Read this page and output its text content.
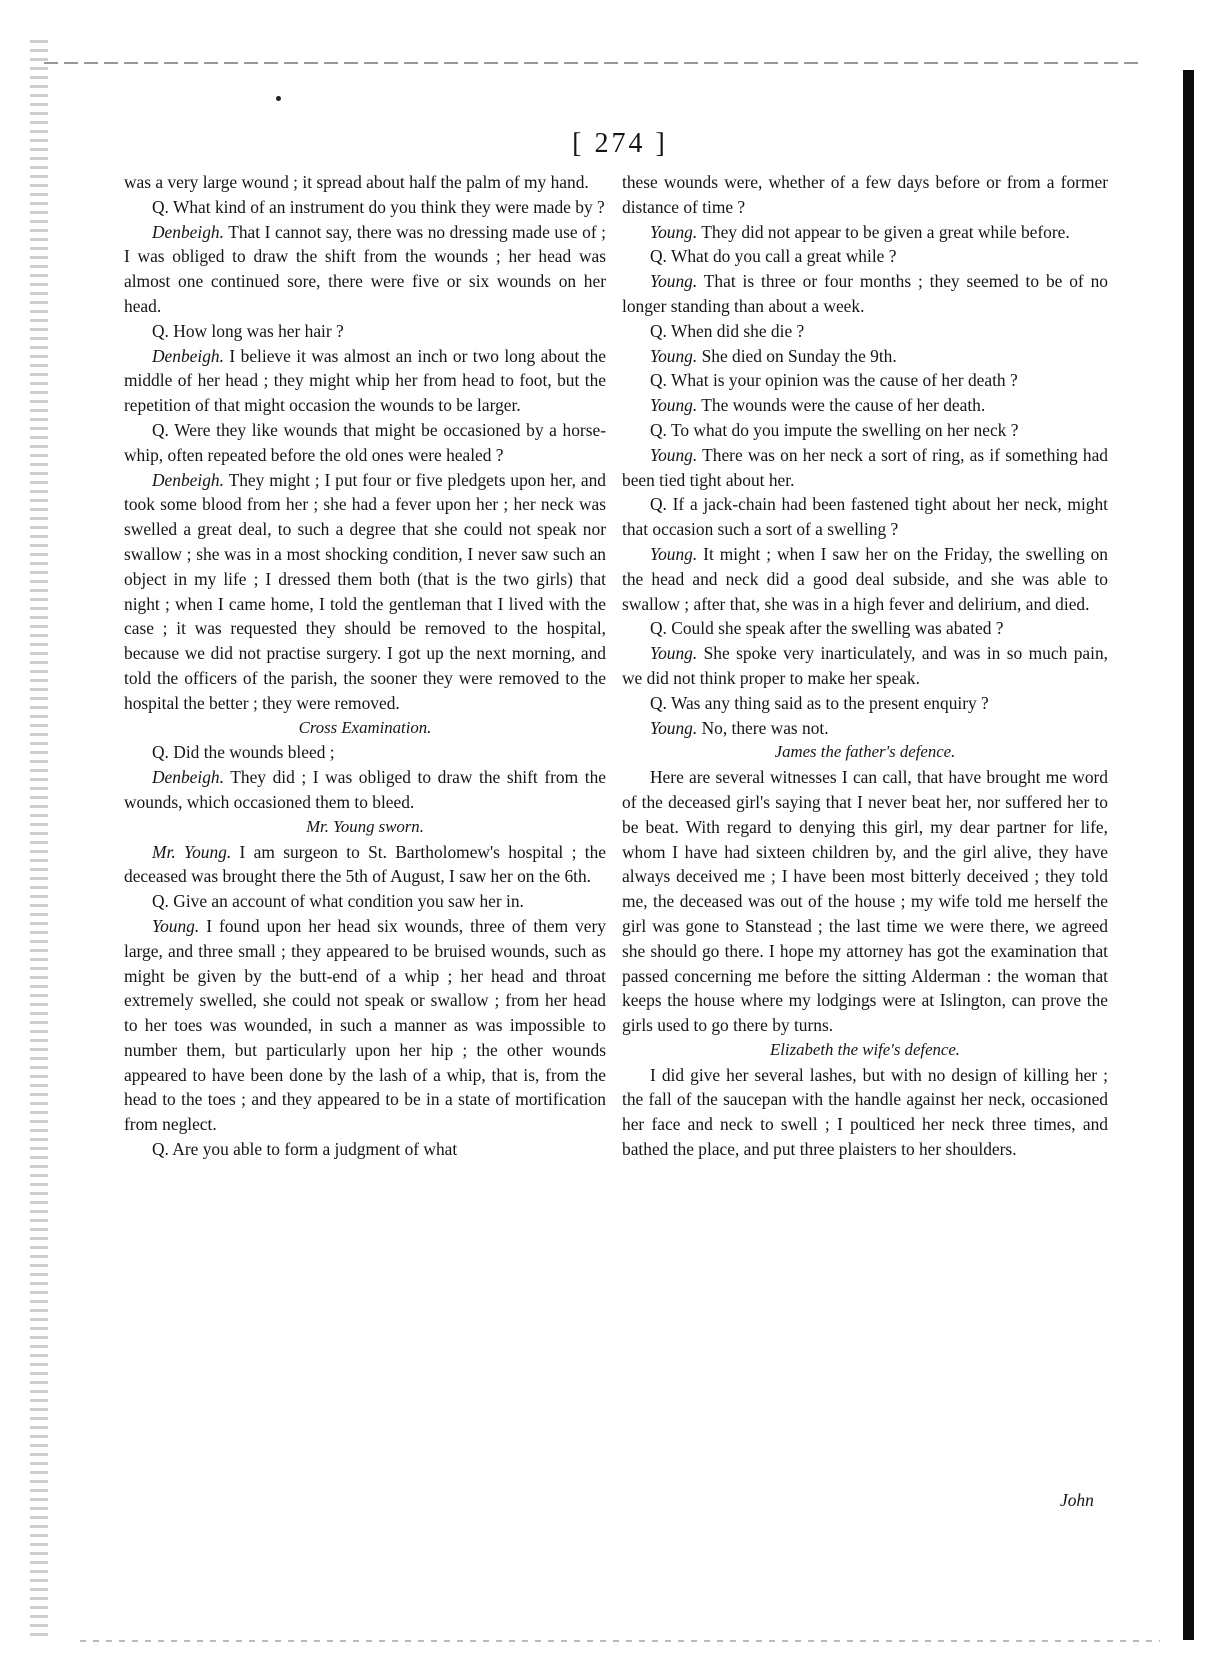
[ 274 ]

was a very large wound ; it spread about half the palm of my hand.

Q. What kind of an instrument do you think they were made by ?

Denbeigh. That I cannot say, there was no dressing made use of ; I was obliged to draw the shift from the wounds ; her head was almost one continued sore, there were five or six wounds on her head.

Q. How long was her hair ?

Denbeigh. I believe it was almost an inch or two long about the middle of her head ; they might whip her from head to foot, but the repetition of that might occasion the wounds to be larger.

Q. Were they like wounds that might be occasioned by a horse-whip, often repeated before the old ones were healed ?

Denbeigh. They might ; I put four or five pledgets upon her, and took some blood from her ; she had a fever upon her ; her neck was swelled a great deal, to such a degree that she could not speak nor swallow ; she was in a most shocking condition, I never saw such an object in my life ; I dressed them both (that is the two girls) that night ; when I came home, I told the gentleman that I lived with the case ; it was requested they should be removed to the hospital, because we did not practise surgery. I got up the next morning, and told the officers of the parish, the sooner they were removed to the hospital the better ; they were removed.

Cross Examination.

Q. Did the wounds bleed ;

Denbeigh. They did ; I was obliged to draw the shift from the wounds, which occasioned them to bleed.

Mr. Young sworn.

Mr. Young. I am surgeon to St. Bartholomew's hospital ; the deceased was brought there the 5th of August, I saw her on the 6th.

Q. Give an account of what condition you saw her in.

Young. I found upon her head six wounds, three of them very large, and three small ; they appeared to be bruised wounds, such as might be given by the butt-end of a whip ; her head and throat extremely swelled, she could not speak or swallow ; from her head to her toes was wounded, in such a manner as was impossible to number them, but particularly upon her hip ; the other wounds appeared to have been done by the lash of a whip, that is, from the head to the toes ; and they appeared to be in a state of mortification from neglect.

Q. Are you able to form a judgment of what

these wounds were, whether of a few days before or from a former distance of time ?

Young. They did not appear to be given a great while before.

Q. What do you call a great while ?

Young. That is three or four months ; they seemed to be of no longer standing than about a week.

Q. When did she die ?

Young. She died on Sunday the 9th.

Q. What is your opinion was the cause of her death ?

Young. The wounds were the cause of her death.

Q. To what do you impute the swelling on her neck ?

Young. There was on her neck a sort of ring, as if something had been tied tight about her.

Q. If a jack-chain had been fastened tight about her neck, might that occasion such a sort of a swelling ?

Young. It might ; when I saw her on the Friday, the swelling on the head and neck did a good deal subside, and she was able to swallow ; after that, she was in a high fever and delirium, and died.

Q. Could she speak after the swelling was abated ?

Young. She spoke very inarticulately, and was in so much pain, we did not think proper to make her speak.

Q. Was any thing said as to the present enquiry ?

Young. No, there was not.

James the father's defence.

Here are several witnesses I can call, that have brought me word of the deceased girl's saying that I never beat her, nor suffered her to be beat. With regard to denying this girl, my dear partner for life, whom I have had sixteen children by, and the girl alive, they have always deceived me ; I have been most bitterly deceived ; they told me, the deceased was out of the house ; my wife told me herself the girl was gone to Stanstead ; the last time we were there, we agreed she should go there. I hope my attorney has got the examination that passed concerning me before the sitting Alderman : the woman that keeps the house where my lodgings were at Islington, can prove the girls used to go there by turns.

Elizabeth the wife's defence.

I did give her several lashes, but with no design of killing her ; the fall of the saucepan with the handle against her neck, occasioned her face and neck to swell ; I poulticed her neck three times, and bathed the place, and put three plaisters to her shoulders.

John
